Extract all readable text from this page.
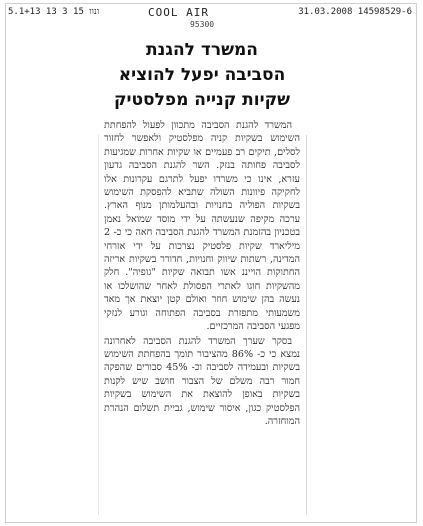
5.1+13 13 3 15 ונוו	COOL AIR	31.03.2008 14598529-6
95300
המשרד להגנת
הסביבה יפעל להוציא
שקיות קנייה מפלסטיק

המשרד להגנת הסביבה מתכוון לפעול להפחתת השימוש בשקיות קניה מפלסטיק ולאפשר לחזור לסלים, תיקים רב פעמיים או שקיות אחרות שמגיעות לסביבה פחותה בנזק. השר להגנת הסביבה גדעון עזרא, אינו כי משרדו יפעל לתרגם עקרונות אלו לחקיקה פיוונות השולה שתביא להפסקת השימוש בשקיות הפוליה בחנויות ובהעלמותן מנוף הארץ. ערכה מקיפה שנעשתה על ידי מוסד שמואל נאמן בטכניון בהזמנת המשרד להגנת הסביבה חאה כי כ- 2 מיליארד שקיות פלסטיק נצרכות על ידי אזרחי המדינה, רשתות שיווק וחנויות, חדורר בשקיות אריזה החתוקות הוייננ אשו תבואה שקיות "גופיה". חלק מהשקיות חוגו לאתרי הפסולת לאחר שהושלכו או נעשה בהן שימוש חוזר ואולם קטן יוצאת אך מאד משמעותי מתפזרת בסביבה הפתוחה וגורע לנזקי מפגעי הסביבה המרכזיים.

בסקר שערך המשרד להגנת הסביבה לאחרונה נמצא כי כ- 86% מהציבור תומך בהפחתת השימוש בשקיות ובעמידה לסביבה וכ- 45% סבורים שהפקה חמור רבה משלם של הצבור חושב שיש לקנות בשקיות באופן להוצאת את השימוש בשקיות הפלסטיק כגון, איסור שימוש, גביית תשלום הנהרת המוחזרה.
